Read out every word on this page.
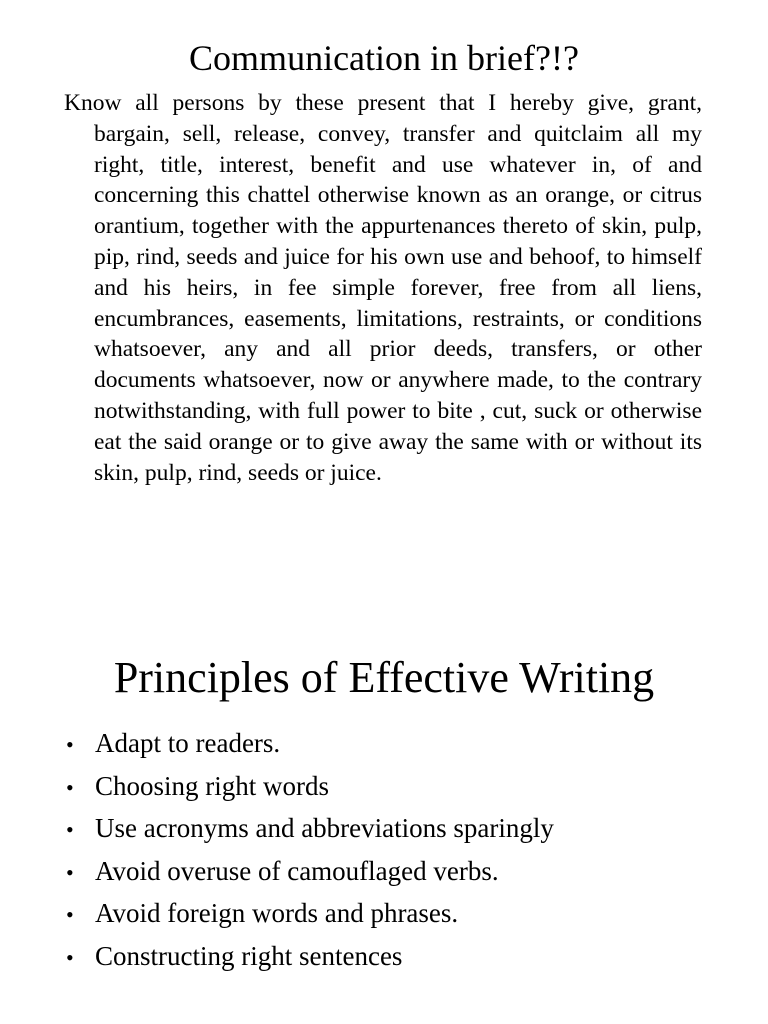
Communication in brief?!?

Know all persons by these present that I hereby give, grant, bargain, sell, release, convey, transfer and quitclaim all my right, title, interest, benefit and use whatever in, of and concerning this chattel otherwise known as an orange, or citrus orantium, together with the appurtenances thereto of skin, pulp, pip, rind, seeds and juice for his own use and behoof, to himself and his heirs, in fee simple forever, free from all liens, encumbrances, easements, limitations, restraints, or conditions whatsoever, any and all prior deeds, transfers, or other documents whatsoever, now or anywhere made, to the contrary notwithstanding, with full power to bite , cut, suck or otherwise eat the said orange or to give away the same with or without its skin, pulp, rind, seeds or juice.

Principles of Effective Writing
• Adapt to readers.
• Choosing right words
• Use acronyms and abbreviations sparingly
• Avoid overuse of camouflaged verbs.
• Avoid foreign words and phrases.
• Constructing right sentences
